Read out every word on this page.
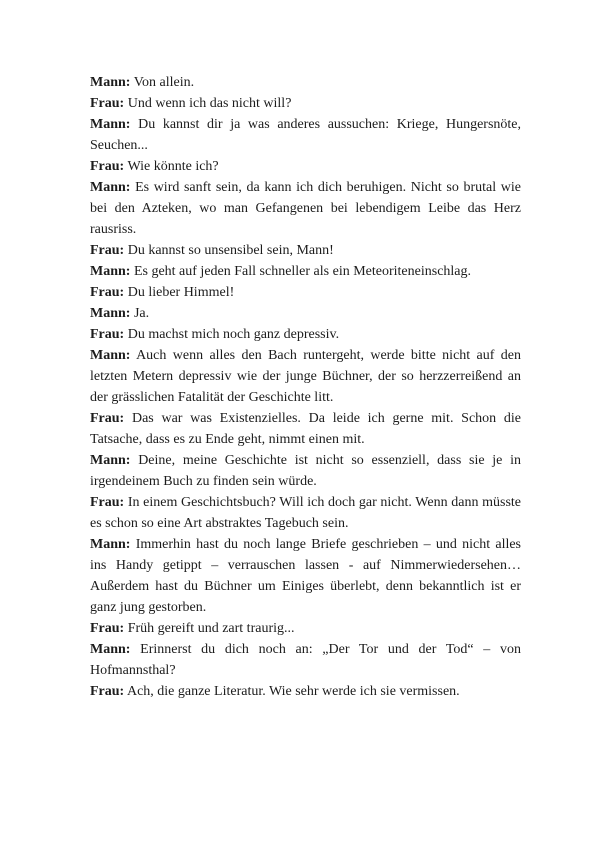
Mann: Von allein.

Frau: Und wenn ich das nicht will?

Mann: Du kannst dir ja was anderes aussuchen: Kriege, Hungersnöte, Seuchen...

Frau: Wie könnte ich?

Mann: Es wird sanft sein, da kann ich dich beruhigen. Nicht so brutal wie bei den Azteken, wo man Gefangenen bei lebendigem Leibe das Herz rausriss.

Frau: Du kannst so unsensibel sein, Mann!

Mann: Es geht auf jeden Fall schneller als ein Meteoriteneinschlag.

Frau: Du lieber Himmel!

Mann: Ja.

Frau: Du machst mich noch ganz depressiv.

Mann: Auch wenn alles den Bach runtergeht, werde bitte nicht auf den letzten Metern depressiv wie der junge Büchner, der so herzzerreißend an der grässlichen Fatalität der Geschichte litt.

Frau: Das war was Existenzielles. Da leide ich gerne mit. Schon die Tatsache, dass es zu Ende geht, nimmt einen mit.

Mann: Deine, meine Geschichte ist nicht so essenziell, dass sie je in irgendeinem Buch zu finden sein würde.

Frau: In einem Geschichtsbuch? Will ich doch gar nicht. Wenn dann müsste es schon so eine Art abstraktes Tagebuch sein.

Mann: Immerhin hast du noch lange Briefe geschrieben – und nicht alles ins Handy getippt – verrauschen lassen - auf Nimmerwiedersehen… Außerdem hast du Büchner um Einiges überlebt, denn bekanntlich ist er ganz jung gestorben.

Frau: Früh gereift und zart traurig...

Mann: Erinnerst du dich noch an: „Der Tor und der Tod“ – von Hofmannsthal?

Frau: Ach, die ganze Literatur. Wie sehr werde ich sie vermissen.
